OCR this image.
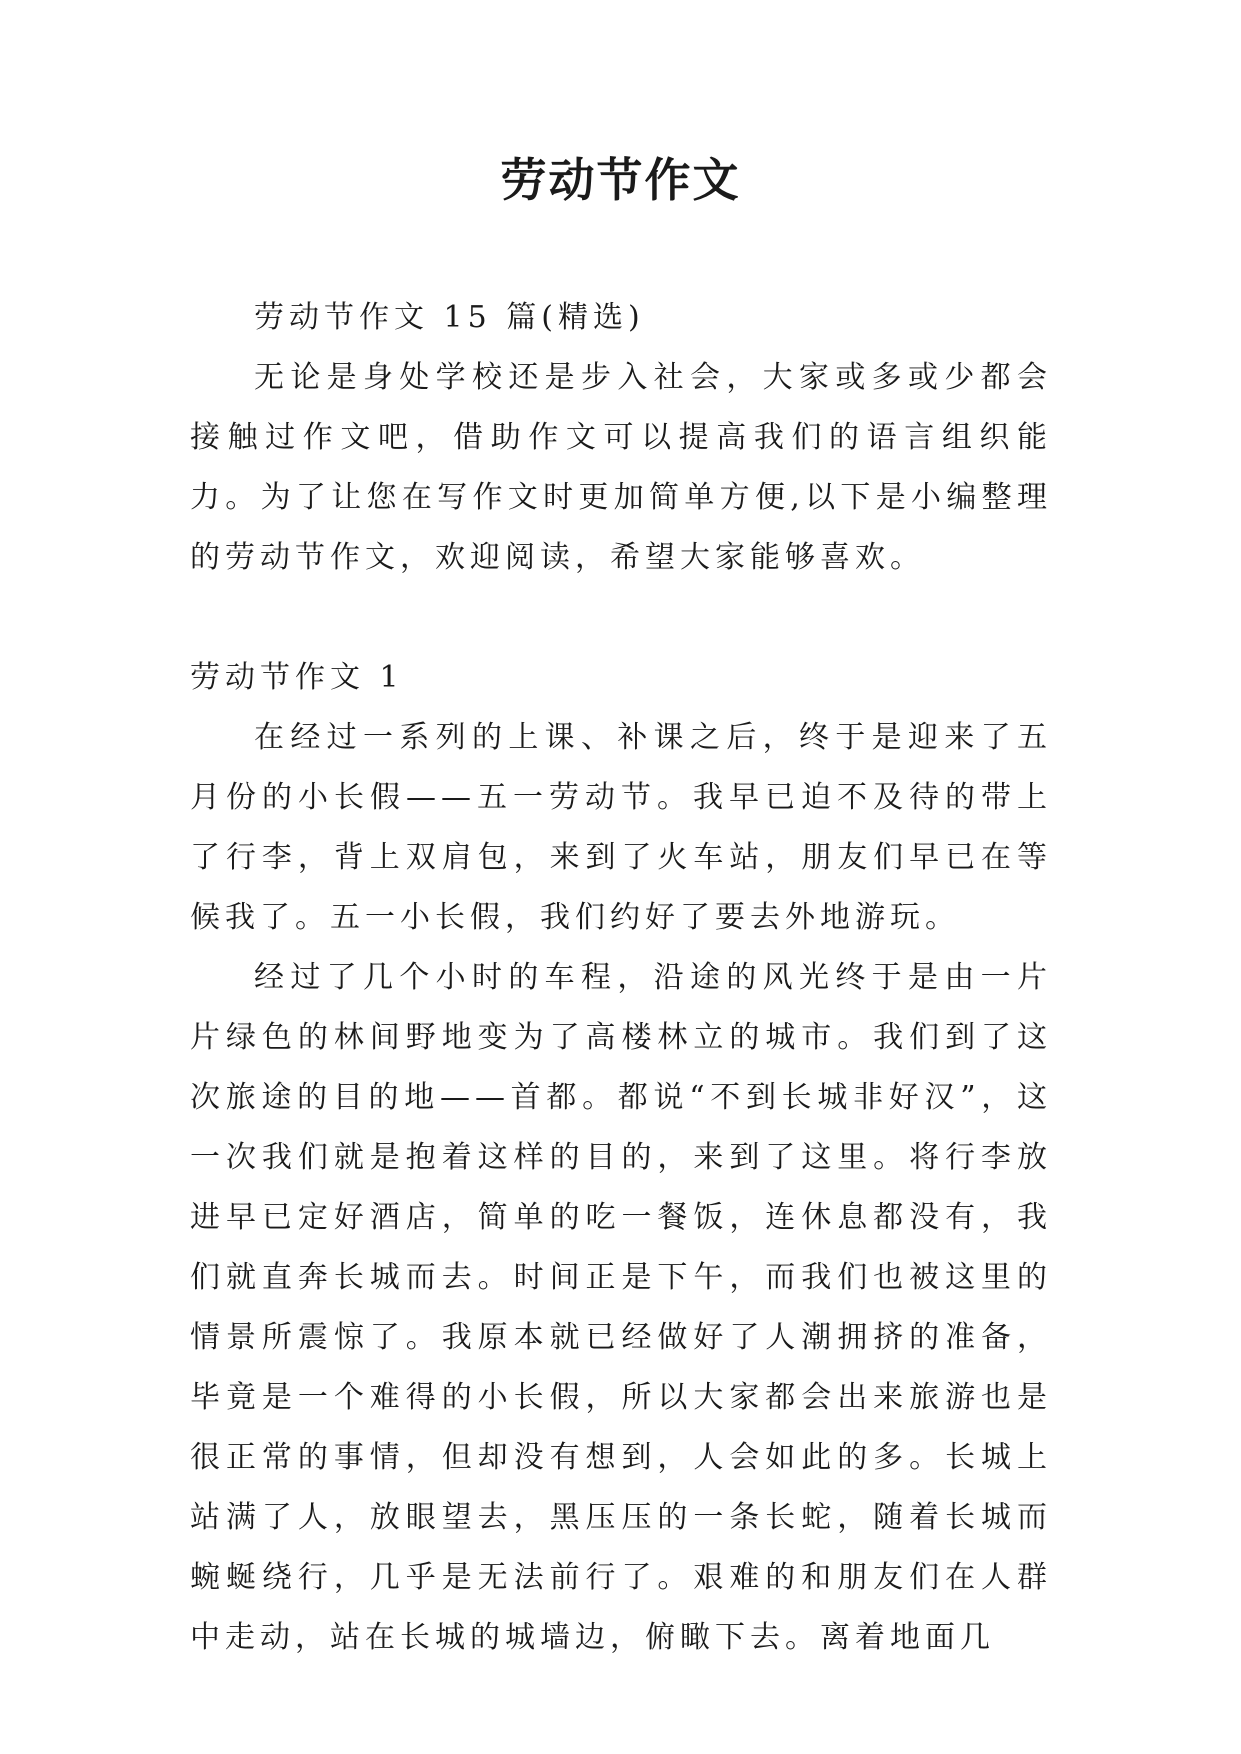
劳动节作文

劳动节作文 15 篇(精选)

无论是身处学校还是步入社会，大家或多或少都会接触过作文吧，借助作文可以提高我们的语言组织能力。为了让您在写作文时更加简单方便,以下是小编整理的劳动节作文，欢迎阅读，希望大家能够喜欢。

劳动节作文 1

在经过一系列的上课、补课之后，终于是迎来了五月份的小长假——五一劳动节。我早已迫不及待的带上了行李，背上双肩包，来到了火车站，朋友们早已在等候我了。五一小长假，我们约好了要去外地游玩。

经过了几个小时的车程，沿途的风光终于是由一片片绿色的林间野地变为了高楼林立的城市。我们到了这次旅途的目的地——首都。都说“不到长城非好汉”，这一次我们就是抱着这样的目的，来到了这里。将行李放进早已定好酒店，简单的吃一餐饭，连休息都没有，我们就直奔长城而去。时间正是下午，而我们也被这里的情景所震惊了。我原本就已经做好了人潮拥挤的准备，毕竟是一个难得的小长假，所以大家都会出来旅游也是很正常的事情，但却没有想到，人会如此的多。长城上站满了人，放眼望去，黑压压的一条长蛇，随着长城而蜿蜒绕行，几乎是无法前行了。艰难的和朋友们在人群中走动，站在长城的城墙边，俯瞰下去。离着地面几
